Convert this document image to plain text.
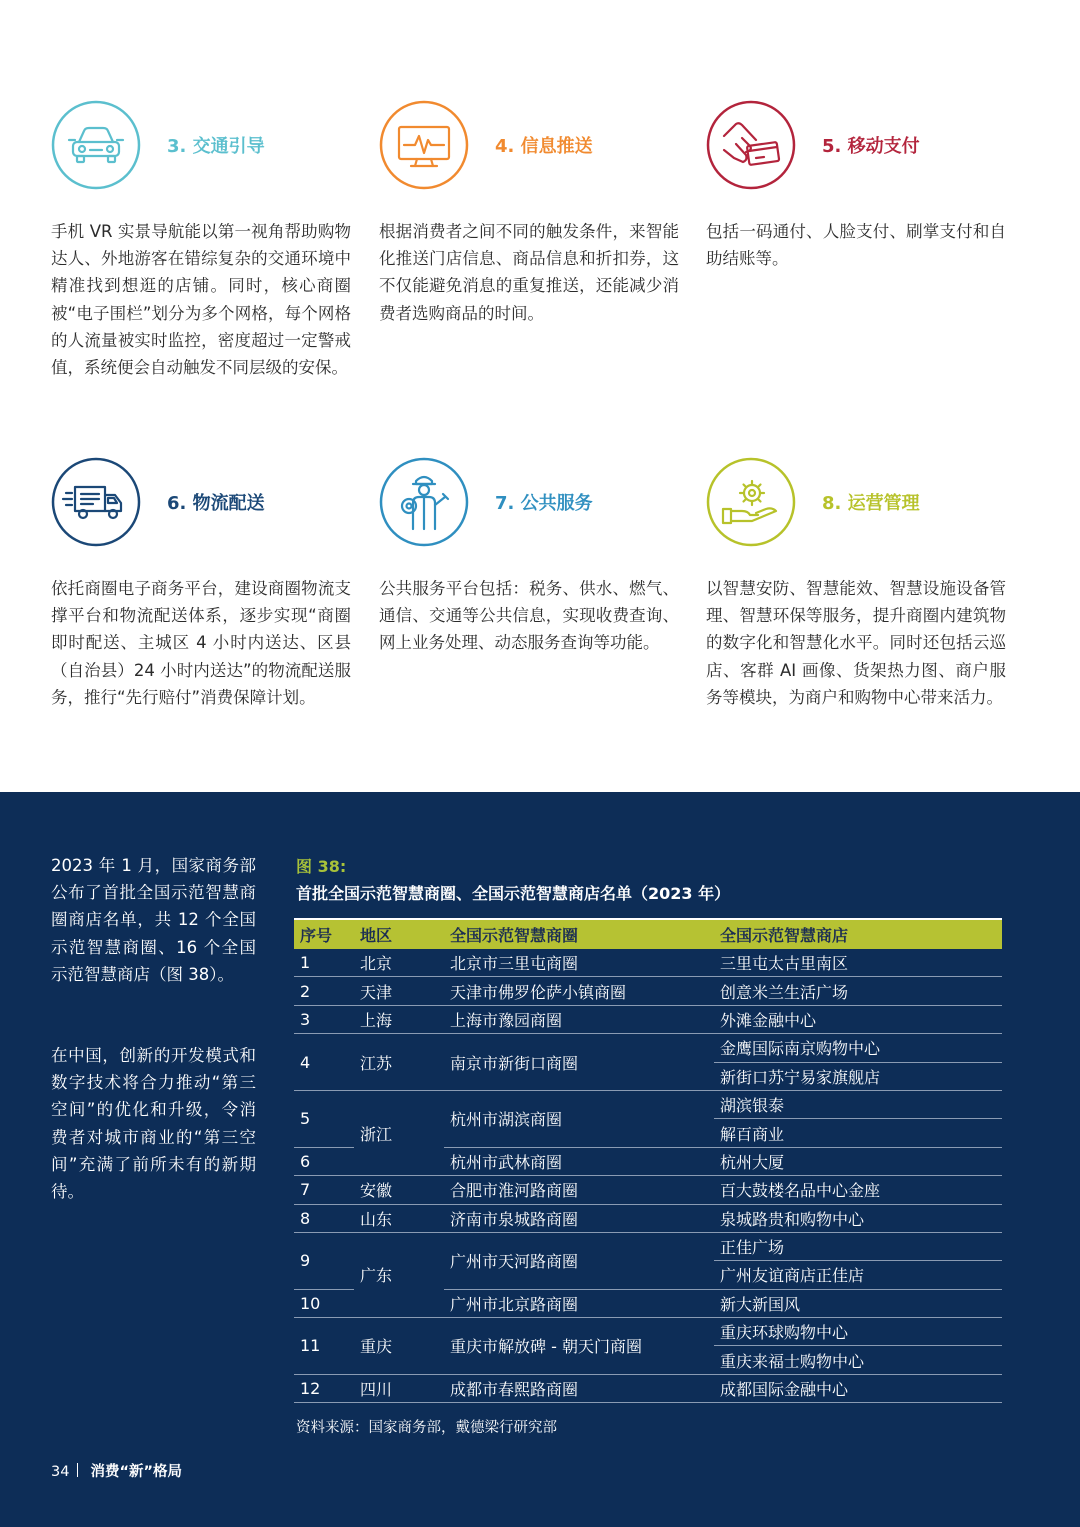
3. 交通引导

手机 VR 实景导航能以第一视角帮助购物达人、外地游客在错综复杂的交通环境中精准找到想逛的店铺。同时，核心商圈被“电子围栏”划分为多个网格，每个网格的人流量被实时监控，密度超过一定警戒值，系统便会自动触发不同层级的安保。

4. 信息推送

根据消费者之间不同的触发条件，来智能化推送门店信息、商品信息和折扣券，这不仅能避免消息的重复推送，还能减少消费者选购商品的时间。

5. 移动支付

包括一码通付、人脸支付、刷掌支付和自助结账等。

6. 物流配送

依托商圈电子商务平台，建设商圈物流支撑平台和物流配送体系，逐步实现“商圈即时配送、主城区 4 小时内送达、区县（自治县）24 小时内送达”的物流配送服务，推行“先行赔付”消费保障计划。

7. 公共服务

公共服务平台包括：税务、供水、燃气、通信、交通等公共信息，实现收费查询、网上业务处理、动态服务查询等功能。

8. 运营管理

以智慧安防、智慧能效、智慧设施设备管理、智慧环保等服务，提升商圈内建筑物的数字化和智慧化水平。同时还包括云巡店、客群 AI 画像、货架热力图、商户服务等模块，为商户和购物中心带来活力。

2023 年 1 月，国家商务部公布了首批全国示范智慧商圈商店名单，共 12 个全国示范智慧商圈、16 个全国示范智慧商店（图 38）。

在中国，创新的开发模式和数字技术将合力推动“第三空间”的优化和升级，令消费者对城市商业的“第三空间”充满了前所未有的新期待。

图 38:
首批全国示范智慧商圈、全国示范智慧商店名单（2023 年）
序号	地区	全国示范智慧商圈	全国示范智慧商店
1	北京	北京市三里屯商圈	三里屯太古里南区
2	天津	天津市佛罗伦萨小镇商圈	创意米兰生活广场
3	上海	上海市豫园商圈	外滩金融中心
4	江苏	南京市新街口商圈	金鹰国际南京购物中心
			新街口苏宁易家旗舰店
5	浙江	杭州市湖滨商圈	湖滨银泰
			解百商业
6		杭州市武林商圈	杭州大厦
7	安徽	合肥市淮河路商圈	百大鼓楼名品中心金座
8	山东	济南市泉城路商圈	泉城路贵和购物中心
9	广东	广州市天河路商圈	正佳广场
			广州友谊商店正佳店
10		广州市北京路商圈	新大新国风
11	重庆	重庆市解放碑 - 朝天门商圈	重庆环球购物中心
			重庆来福士购物中心
12	四川	成都市春熙路商圈	成都国际金融中心
资料来源：国家商务部，戴德梁行研究部
34 消费“新”格局
